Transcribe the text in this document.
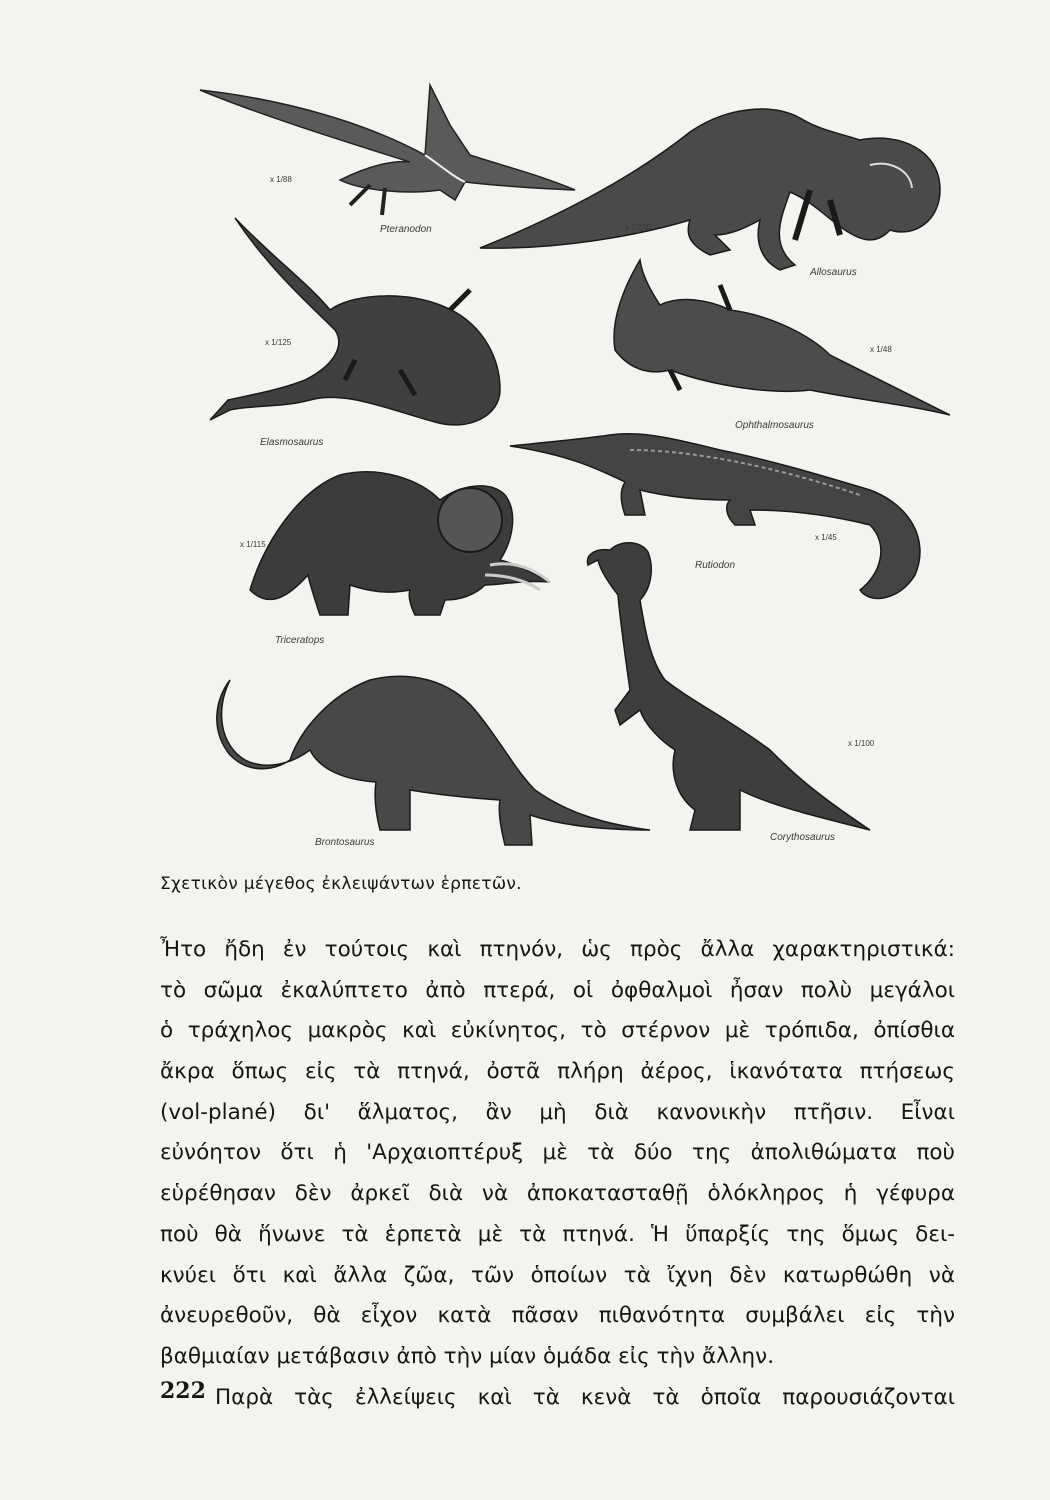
x 1/88
Pteranodon	x 1/100
Allosaurus
x 1/125
Elasmosaurus
x 1/48
Ophthalmosaurus
x 1/45
Rutiodon
x 1/115
Triceratops
Brontosaurus
x 1/100
Corythosaurus

Σχετικὸν μέγεθος ἐκλειψάντων ἑρπετῶν.

Ἦτο ἤδη ἐν τούτοις καὶ πτηνόν, ὡς πρὸς ἄλλα χαρακτηριστικά:
τὸ σῶμα ἐκαλύπτετο ἀπὸ πτερά, οἱ ὀφθαλμοὶ ἦσαν πολὺ μεγάλοι
ὁ τράχηλος μακρὸς καὶ εὐκίνητος, τὸ στέρνον μὲ τρόπιδα, ὀπίσθια
ἄκρα ὅπως εἰς τὰ πτηνά, ὀστᾶ πλήρη ἀέρος, ἱκανότατα πτήσεως
(vol-plané) δι' ἅλματος, ἂν μὴ διὰ κανονικὴν πτῆσιν. Εἶναι
εὐνόητον ὅτι ἡ 'Αρχαιοπτέρυξ μὲ τὰ δύο της ἀπολιθώματα ποὺ
εὑρέθησαν δὲν ἀρκεῖ διὰ νὰ ἀποκατασταθῇ ὁλόκληρος ἡ γέφυρα
ποὺ θὰ ἥνωνε τὰ ἑρπετὰ μὲ τὰ πτηνά. Ἡ ὕπαρξίς της ὅμως δει-
κνύει ὅτι καὶ ἄλλα ζῶα, τῶν ὁποίων τὰ ἴχνη δὲν κατωρθώθη νὰ
ἀνευρεθοῦν, θὰ εἶχον κατὰ πᾶσαν πιθανότητα συμβάλει εἰς τὴν
βαθμιαίαν μετάβασιν ἀπὸ τὴν μίαν ὁμάδα εἰς τὴν ἄλλην.
Παρὰ τὰς ἐλλείψεις καὶ τὰ κενὰ τὰ ὁποῖα παρουσιάζονται
222
